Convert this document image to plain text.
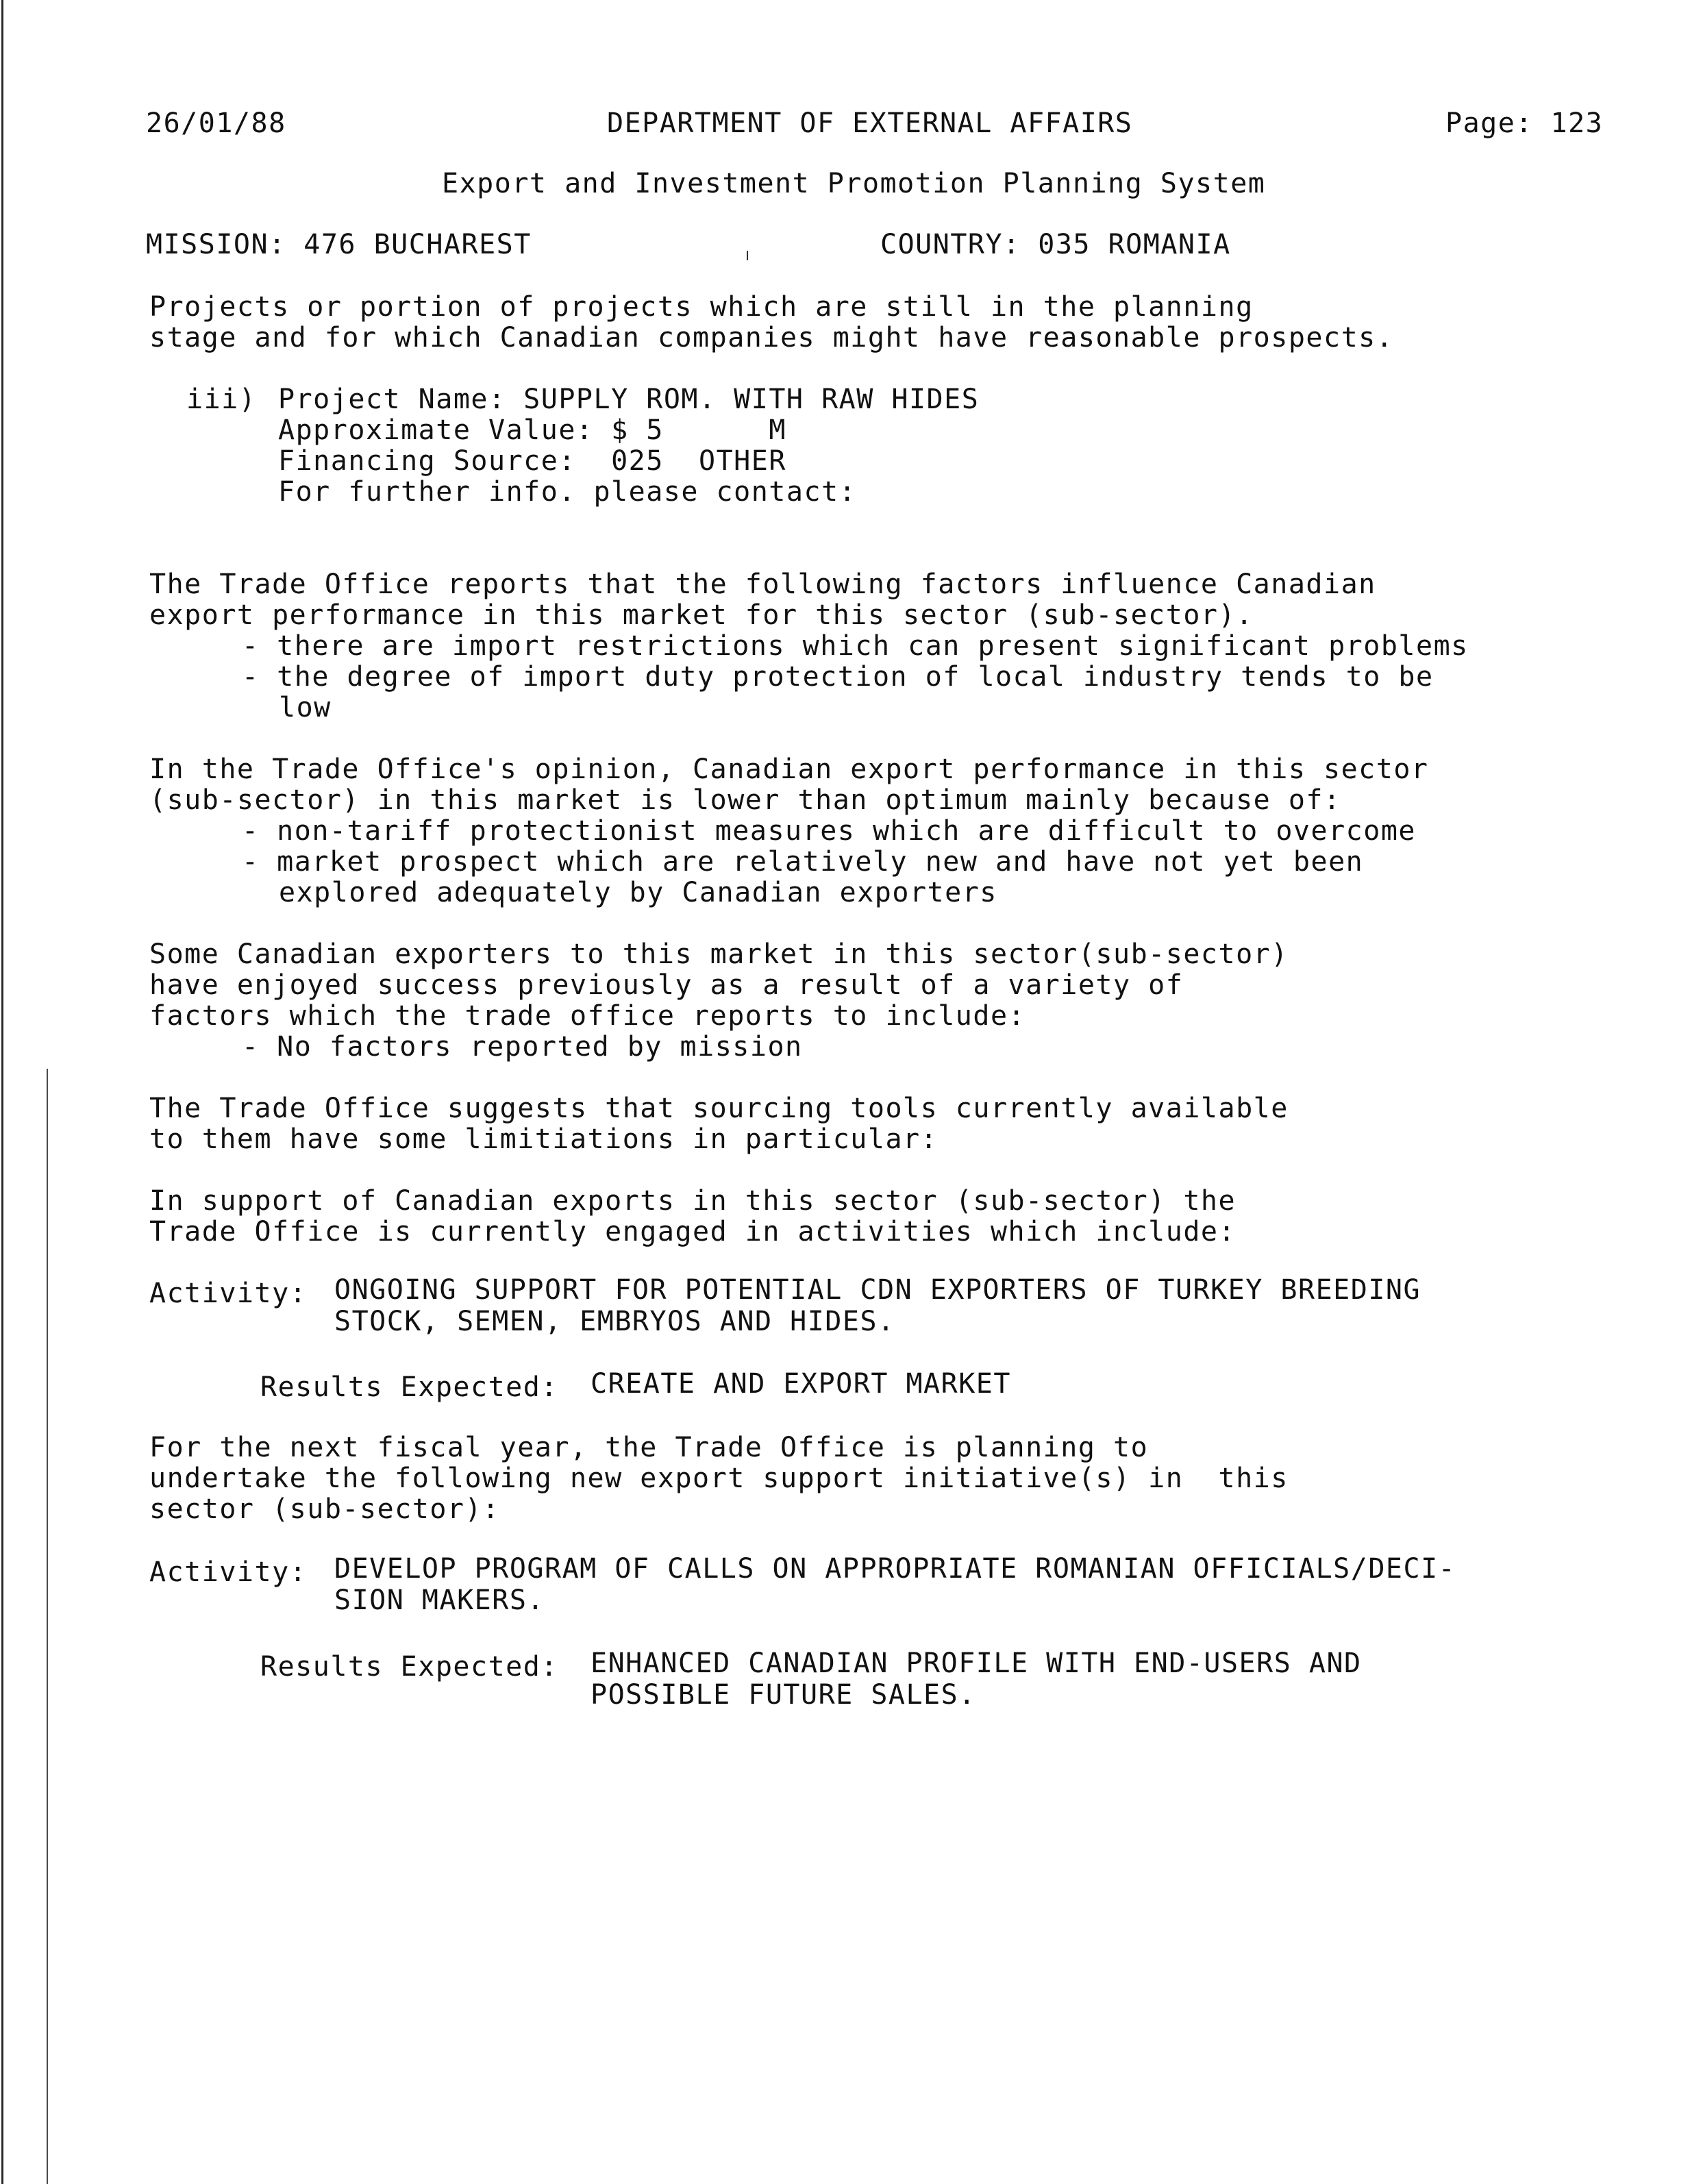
26/01/88	DEPARTMENT OF EXTERNAL AFFAIRS	Page: 123
Export and Investment Promotion Planning System
MISSION: 476 BUCHAREST	COUNTRY: 035 ROMANIA
Projects or portion of projects which are still in the planning
stage and for which Canadian companies might have reasonable prospects.
iii) Project Name: SUPPLY ROM. WITH RAW HIDES
Approximate Value: $ 5	M
Financing Source: 025  OTHER
For further info. please contact:
The Trade Office reports that the following factors influence Canadian
export performance in this market for this sector (sub-sector).
- there are import restrictions which can present significant problems
- the degree of import duty protection of local industry tends to be
low
In the Trade Office's opinion, Canadian export performance in this sector
(sub-sector) in this market is lower than optimum mainly because of:
- non-tariff protectionist measures which are difficult to overcome
- market prospect which are relatively new and have not yet been
explored adequately by Canadian exporters
Some Canadian exporters to this market in this sector(sub-sector)
have enjoyed success previously as a result of a variety of
factors which the trade office reports to include:
- No factors reported by mission
The Trade Office suggests that sourcing tools currently available
to them have some limitiations in particular:
In support of Canadian exports in this sector (sub-sector) the
Trade Office is currently engaged in activities which include:
Activity: ONGOING SUPPORT FOR POTENTIAL CDN EXPORTERS OF TURKEY BREEDING
STOCK, SEMEN, EMBRYOS AND HIDES.
Results Expected: CREATE AND EXPORT MARKET
For the next fiscal year, the Trade Office is planning to
undertake the following new export support initiative(s) in  this
sector (sub-sector):
Activity: DEVELOP PROGRAM OF CALLS ON APPROPRIATE ROMANIAN OFFICIALS/DECI-
SION MAKERS.
Results Expected: ENHANCED CANADIAN PROFILE WITH END-USERS AND
POSSIBLE FUTURE SALES.
